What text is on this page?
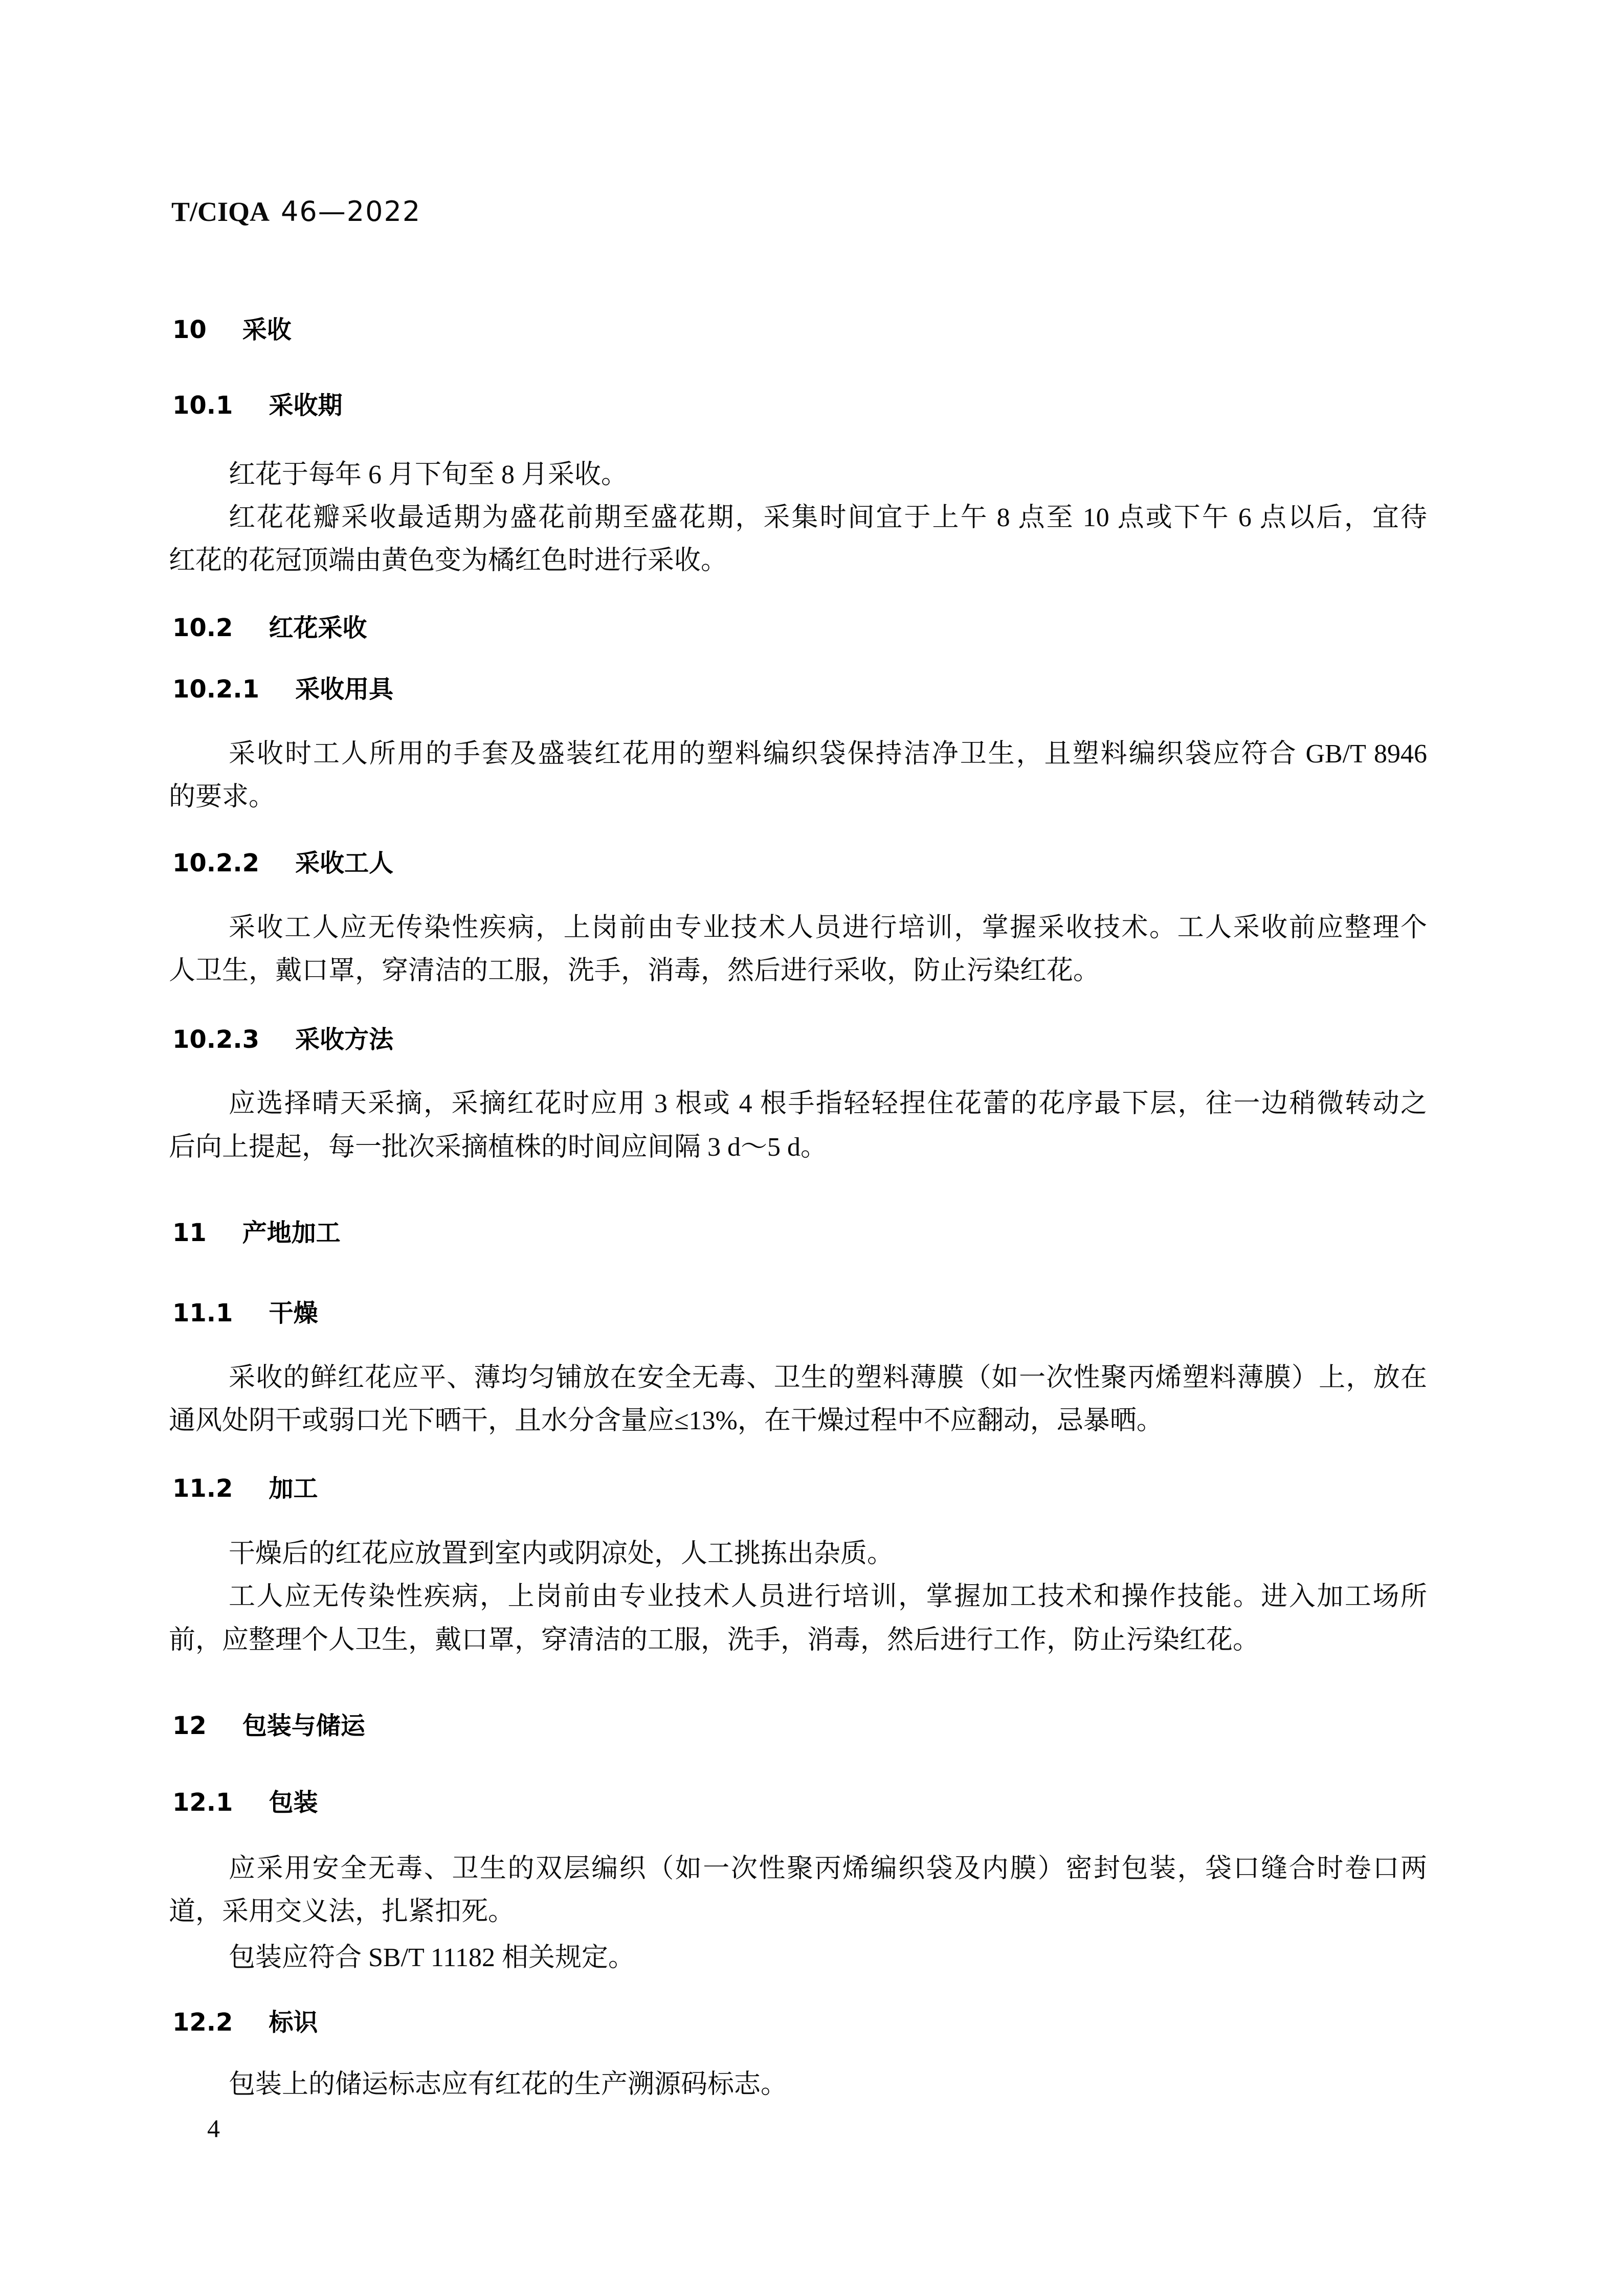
T/CIQA 46—2022
10 采收
10.1 采收期
红花于每年 6 月下旬至 8 月采收。
红花花瓣采收最适期为盛花前期至盛花期，采集时间宜于上午 8 点至 10 点或下午 6 点以后，宜待
红花的花冠顶端由黄色变为橘红色时进行采收。
10.2 红花采收
10.2.1 采收用具
采收时工人所用的手套及盛装红花用的塑料编织袋保持洁净卫生，且塑料编织袋应符合 GB/T 8946
的要求。
10.2.2 采收工人
采收工人应无传染性疾病，上岗前由专业技术人员进行培训，掌握采收技术。工人采收前应整理个
人卫生，戴口罩，穿清洁的工服，洗手，消毒，然后进行采收，防止污染红花。
10.2.3 采收方法
应选择晴天采摘，采摘红花时应用 3 根或 4 根手指轻轻捏住花蕾的花序最下层，往一边稍微转动之
后向上提起，每一批次采摘植株的时间应间隔 3 d～5 d。
11 产地加工
11.1 干燥
采收的鲜红花应平、薄均匀铺放在安全无毒、卫生的塑料薄膜（如一次性聚丙烯塑料薄膜）上，放在
通风处阴干或弱口光下晒干，且水分含量应≤13%，在干燥过程中不应翻动，忌暴晒。
11.2 加工
干燥后的红花应放置到室内或阴凉处，人工挑拣出杂质。
工人应无传染性疾病，上岗前由专业技术人员进行培训，掌握加工技术和操作技能。进入加工场所
前，应整理个人卫生，戴口罩，穿清洁的工服，洗手，消毒，然后进行工作，防止污染红花。
12 包装与储运
12.1 包装
应采用安全无毒、卫生的双层编织（如一次性聚丙烯编织袋及内膜）密封包装，袋口缝合时卷口两
道，采用交义法，扎紧扣死。
包装应符合 SB/T 11182 相关规定。
12.2 标识
包装上的储运标志应有红花的生产溯源码标志。
4
